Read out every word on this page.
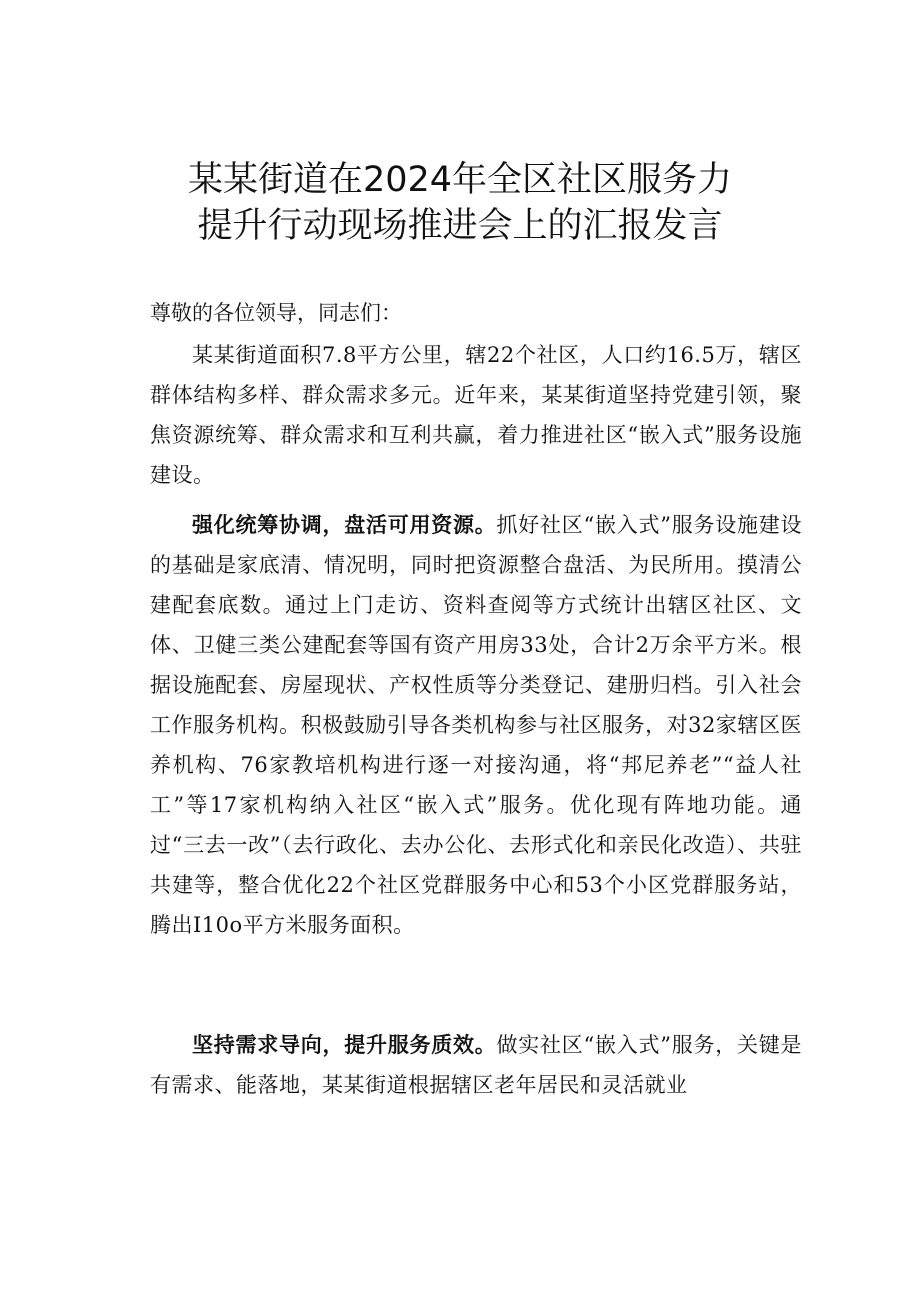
某某街道在2024年全区社区服务力
提升行动现场推进会上的汇报发言
尊敬的各位领导，同志们：

某某街道面积7.8平方公里，辖22个社区，人口约16.5万，辖区群体结构多样、群众需求多元。近年来，某某街道坚持党建引领，聚焦资源统筹、群众需求和互利共赢，着力推进社区“嵌入式”服务设施建设。

强化统筹协调，盘活可用资源。抓好社区“嵌入式”服务设施建设的基础是家底清、情况明，同时把资源整合盘活、为民所用。摸清公建配套底数。通过上门走访、资料查阅等方式统计出辖区社区、文体、卫健三类公建配套等国有资产用房33处，合计2万余平方米。根据设施配套、房屋现状、产权性质等分类登记、建册归档。引入社会工作服务机构。积极鼓励引导各类机构参与社区服务，对32家辖区医养机构、76家教培机构进行逐一对接沟通，将“邦尼养老”“益人社工”等17家机构纳入社区“嵌入式”服务。优化现有阵地功能。通过“三去一改”（去行政化、去办公化、去形式化和亲民化改造）、共驻共建等，整合优化22个社区党群服务中心和53个小区党群服务站，腾出I10o平方米服务面积。

坚持需求导向，提升服务质效。做实社区“嵌入式”服务，关键是有需求、能落地，某某街道根据辖区老年居民和灵活就业
